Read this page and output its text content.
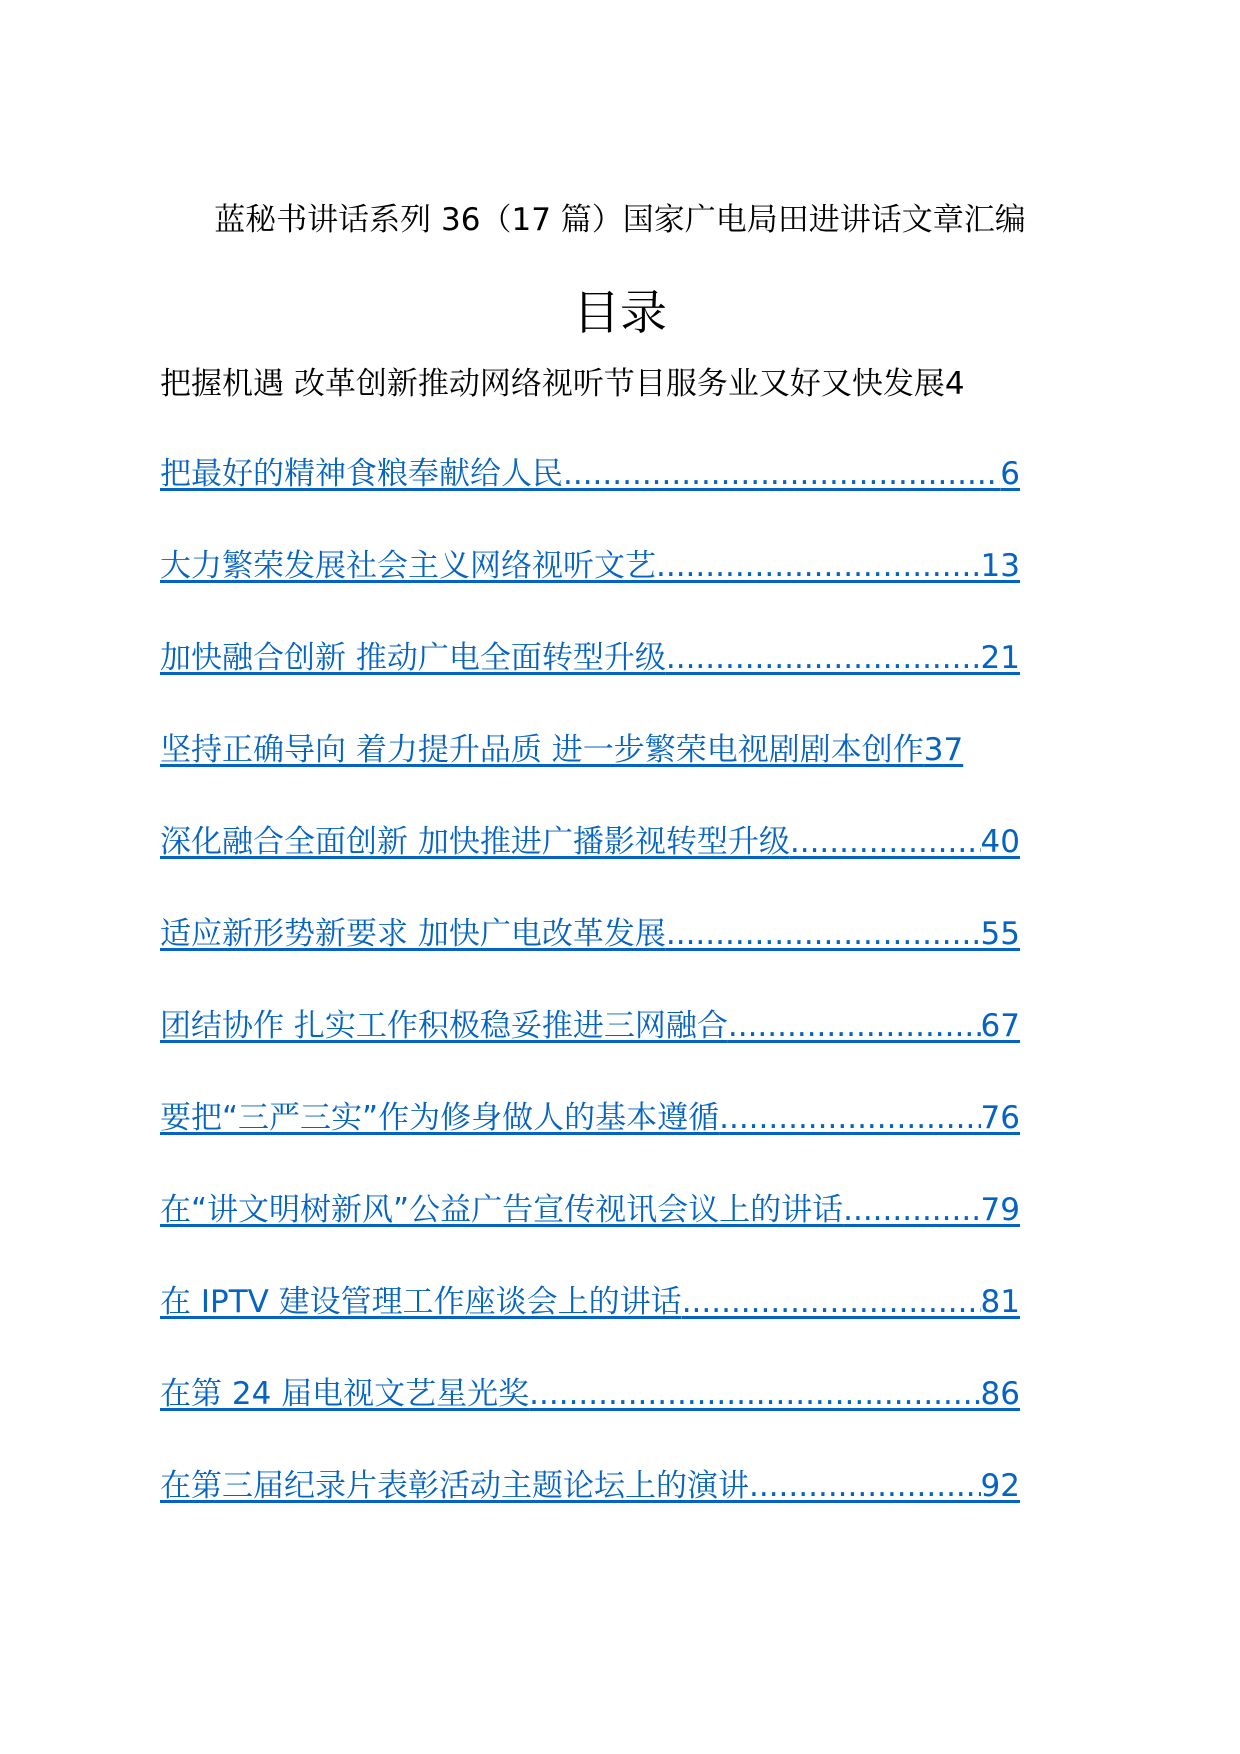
蓝秘书讲话系列 36（17 篇）国家广电局田进讲话文章汇编
目录
把握机遇 改革创新推动网络视听节目服务业又好又快发展4
把最好的精神食粮奉献给人民 .....	6
大力繁荣发展社会主义网络视听文艺 .....	13
加快融合创新 推动广电全面转型升级 .....	21
坚持正确导向 着力提升品质 进一步繁荣电视剧剧本创作 37
深化融合全面创新 加快推进广播影视转型升级 .....	40
适应新形势新要求 加快广电改革发展 .....	55
团结协作 扎实工作积极稳妥推进三网融合 .....	67
要把“三严三实”作为修身做人的基本遵循 .....	76
在“讲文明树新风”公益广告宣传视讯会议上的讲话 .....	79
在 IPTV 建设管理工作座谈会上的讲话 .....	81
在第 24 届电视文艺星光奖 .....	86
在第三届纪录片表彰活动主题论坛上的演讲 .....	92
